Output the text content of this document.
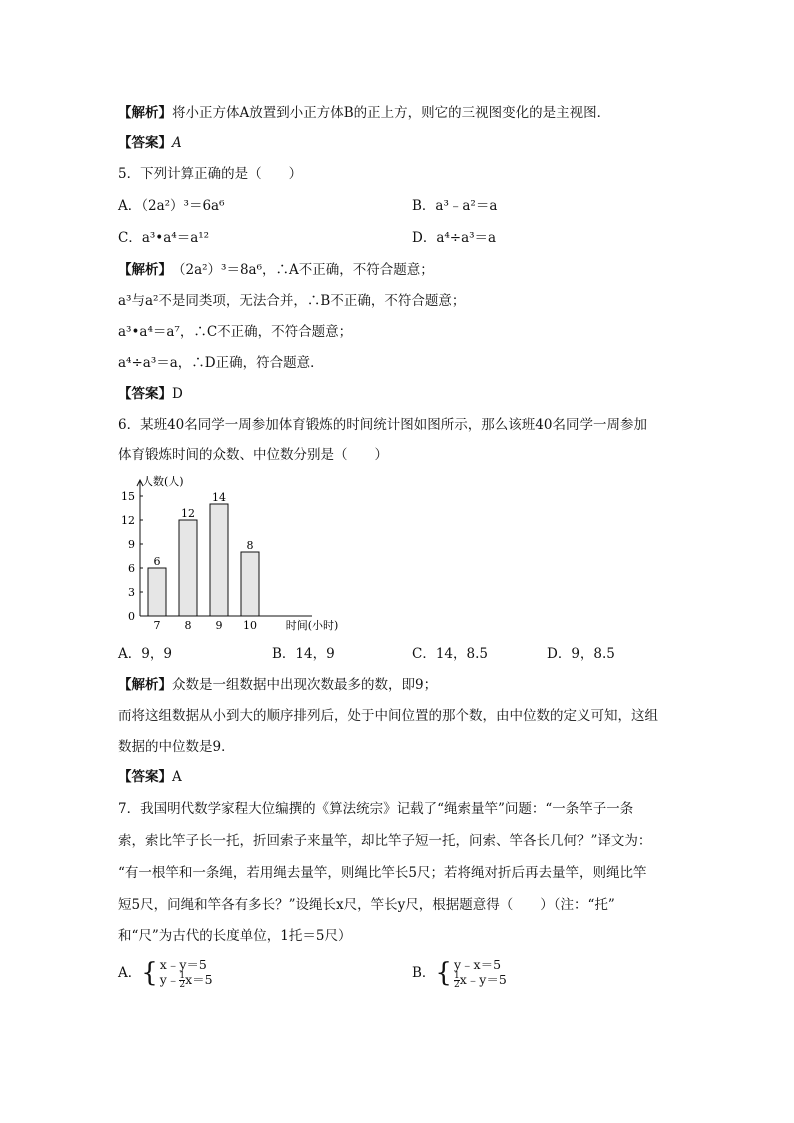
【解析】将小正方体A放置到小正方体B的正上方，则它的三视图变化的是主视图．
【答案】A
5．下列计算正确的是（　　）
A．（2a²）³＝6a⁶	B．a³﹣a²＝a
C．a³•a⁴＝a¹²	D．a⁴÷a³＝a
【解析】（2a²）³＝8a⁶，∴A不正确，不符合题意；
a³与a²不是同类项，无法合并，∴B不正确，不符合题意；
a³•a⁴＝a⁷，∴C不正确，不符合题意；
a⁴÷a³＝a，∴D正确，符合题意．
【答案】D
6．某班40名同学一周参加体育锻炼的时间统计图如图所示，那么该班40名同学一周参加
体育锻炼时间的众数、中位数分别是（　　）
0
3
6
9
12
15
人数(人)
时间(小时)
6
7
12
8
14
9
8
10
A．9，9	B．14，9	C．14，8.5	D．9，8.5
【解析】众数是一组数据中出现次数最多的数，即9；
而将这组数据从小到大的顺序排列后，处于中间位置的那个数，由中位数的定义可知，这组
数据的中位数是9．
【答案】A
7．我国明代数学家程大位编撰的《算法统宗》记载了“绳索量竿”问题：“一条竿子一条
索，索比竿子长一托，折回索子来量竿，却比竿子短一托，问索、竿各长几何？”译文为：
“有一根竿和一条绳，若用绳去量竿，则绳比竿长5尺；若将绳对折后再去量竿，则绳比竿
短5尺，问绳和竿各有多长？”设绳长x尺，竿长y尺，根据题意得（　　）（注：“托”
和“尺”为古代的长度单位，1托＝5尺）
A．{ x﹣y＝5
y﹣ $\frac{1}{2} x=5$	B．{ y﹣x＝5
$\frac{1}{2}$ x﹣y＝5
